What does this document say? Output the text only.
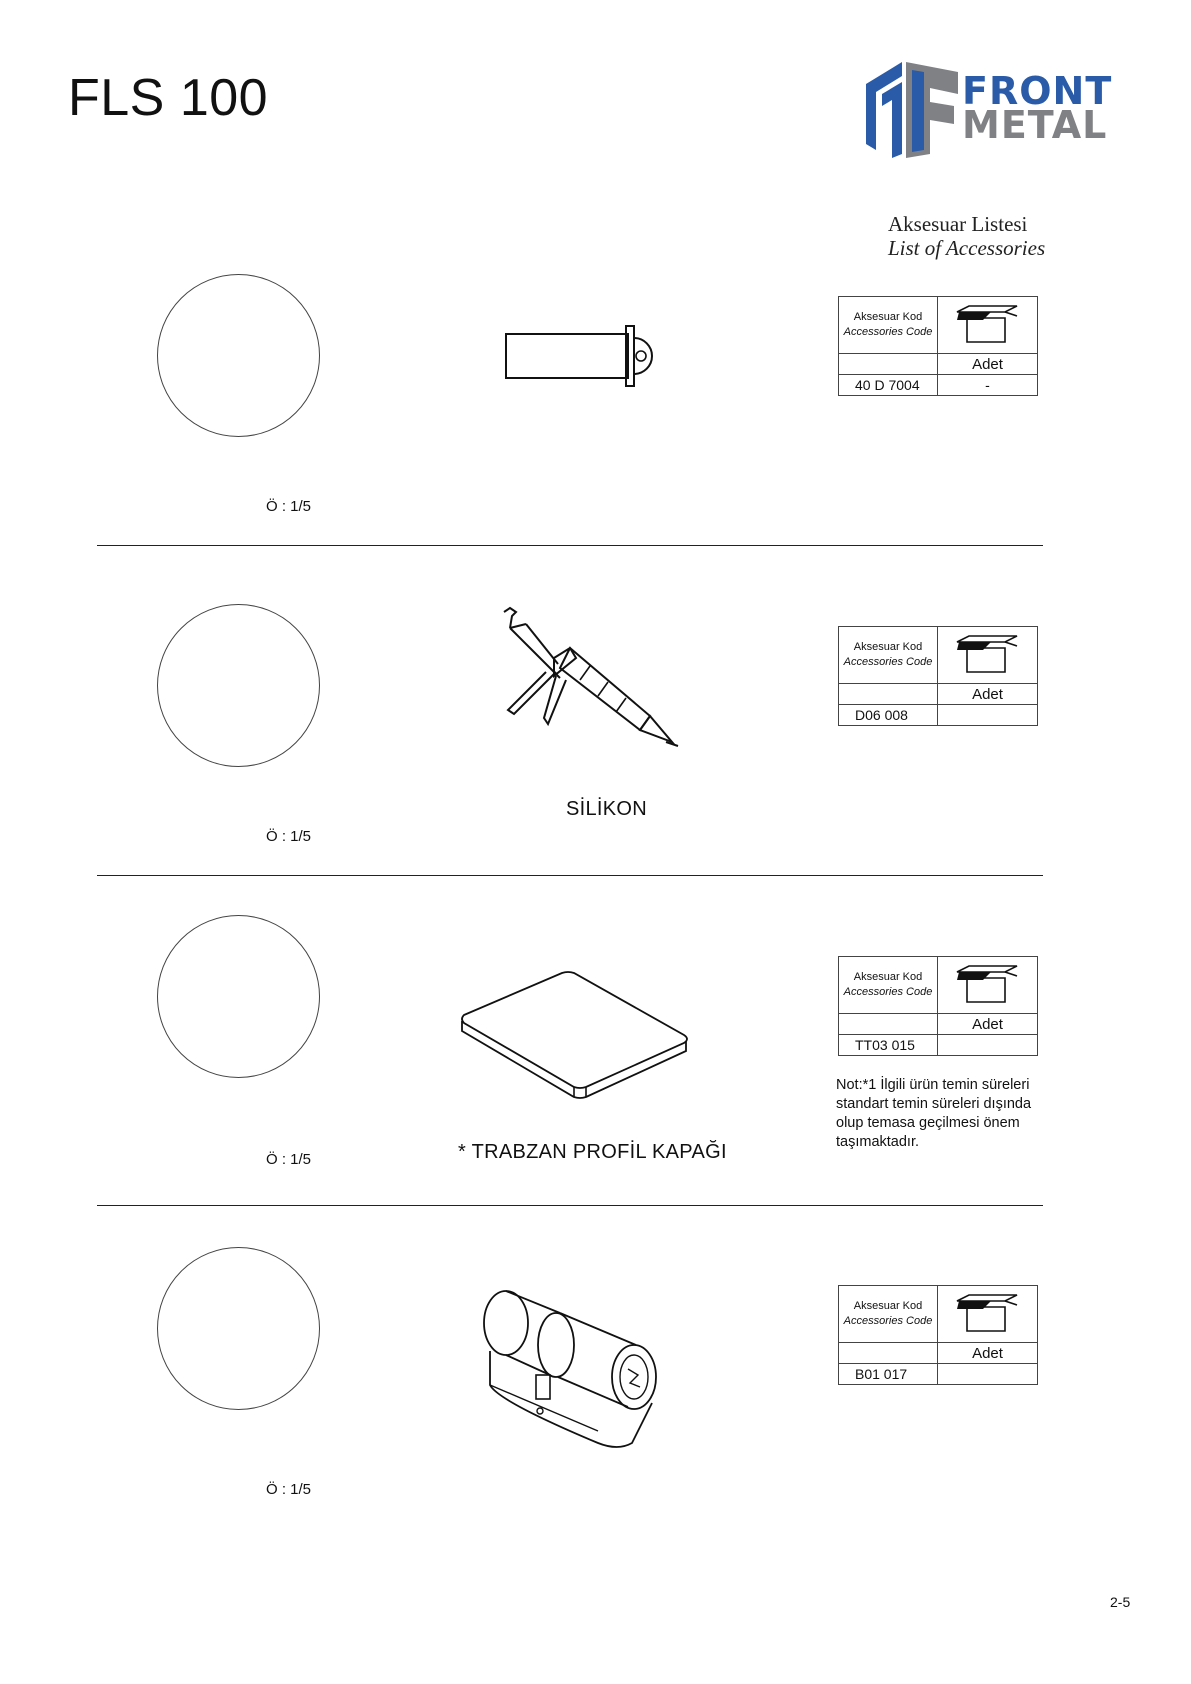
FLS 100	FRONT
METAL
Aksesuar Listesi
List of Accessories
Ö : 1/5
Aksesuar Kod
Accessories Code

	Adet
40 D 7004	-
Ö : 1/5
SİLİKON
Aksesuar Kod
Accessories Code

	Adet
D06 008	
Ö : 1/5	* TRABZAN PROFİL KAPAĞI
Aksesuar Kod
Accessories Code

	Adet
TT03 015	
Not:*1 İlgili ürün temin süreleri standart temin süreleri dışında olup temasa geçilmesi önem taşımaktadır.
Ö : 1/5
Aksesuar Kod
Accessories Code

	Adet
B01 017	
2-5
